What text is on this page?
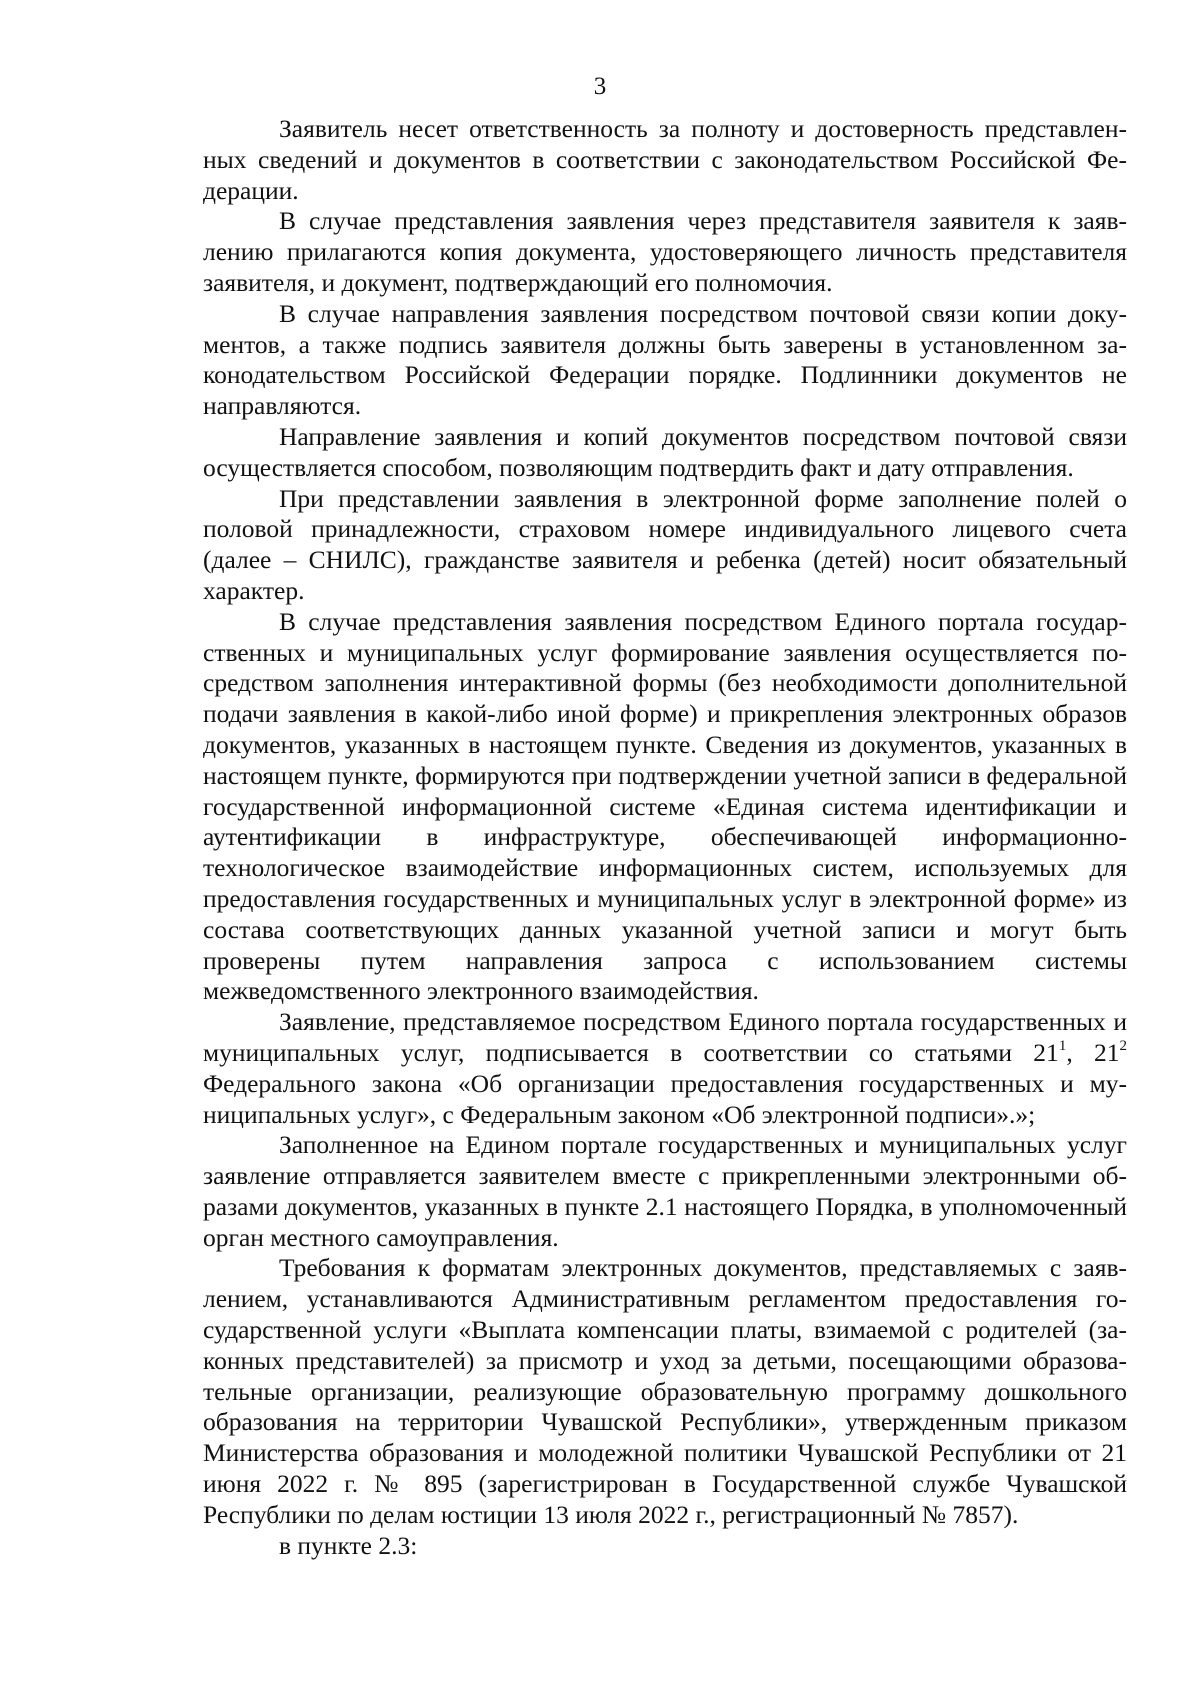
3

Заявитель несет ответственность за полноту и достоверность представленных сведений и документов в соответствии с законодательством Российской Федерации.

В случае представления заявления через представителя заявителя к заявлению прилагаются копия документа, удостоверяющего личность представителя заявителя, и документ, подтверждающий его полномочия.

В случае направления заявления посредством почтовой связи копии документов, а также подпись заявителя должны быть заверены в установленном законодательством Российской Федерации порядке. Подлинники документов не направляются.

Направление заявления и копий документов посредством почтовой связи осуществляется способом, позволяющим подтвердить факт и дату отправления.

При представлении заявления в электронной форме заполнение полей о половой принадлежности, страховом номере индивидуального лицевого счета (далее – СНИЛС), гражданстве заявителя и ребенка (детей) носит обязательный характер.

В случае представления заявления посредством Единого портала государственных и муниципальных услуг формирование заявления осуществляется посредством заполнения интерактивной формы (без необходимости дополнительной подачи заявления в какой-либо иной форме) и прикрепления электронных образов документов, указанных в настоящем пункте. Сведения из документов, указанных в настоящем пункте, формируются при подтверждении учетной записи в федеральной государственной информационной системе «Единая система идентификации и аутентификации в инфраструктуре, обеспечивающей информационно-технологическое взаимодействие информационных систем, используемых для предоставления государственных и муниципальных услуг в электронной форме» из состава соответствующих данных указанной учетной записи и могут быть проверены путем направления запроса с использованием системы межведомственного электронного взаимодействия.

Заявление, представляемое посредством Единого портала государственных и муниципальных услуг, подписывается в соответствии со статьями $21^1$, $21^2$ Федерального закона «Об организации предоставления государственных и муниципальных услуг», с Федеральным законом «Об электронной подписи».»;

Заполненное на Едином портале государственных и муниципальных услуг заявление отправляется заявителем вместе с прикрепленными электронными образами документов, указанных в пункте 2.1 настоящего Порядка, в уполномоченный орган местного самоуправления.

Требования к форматам электронных документов, представляемых с заявлением, устанавливаются Административным регламентом предоставления государственной услуги «Выплата компенсации платы, взимаемой с родителей (законных представителей) за присмотр и уход за детьми, посещающими образовательные организации, реализующие образовательную программу дошкольного образования на территории Чувашской Республики», утвержденным приказом Министерства образования и молодежной политики Чувашской Республики от 21 июня 2022 г. № 895 (зарегистрирован в Государственной службе Чувашской Республики по делам юстиции 13 июля 2022 г., регистрационный № 7857).

в пункте 2.3:
